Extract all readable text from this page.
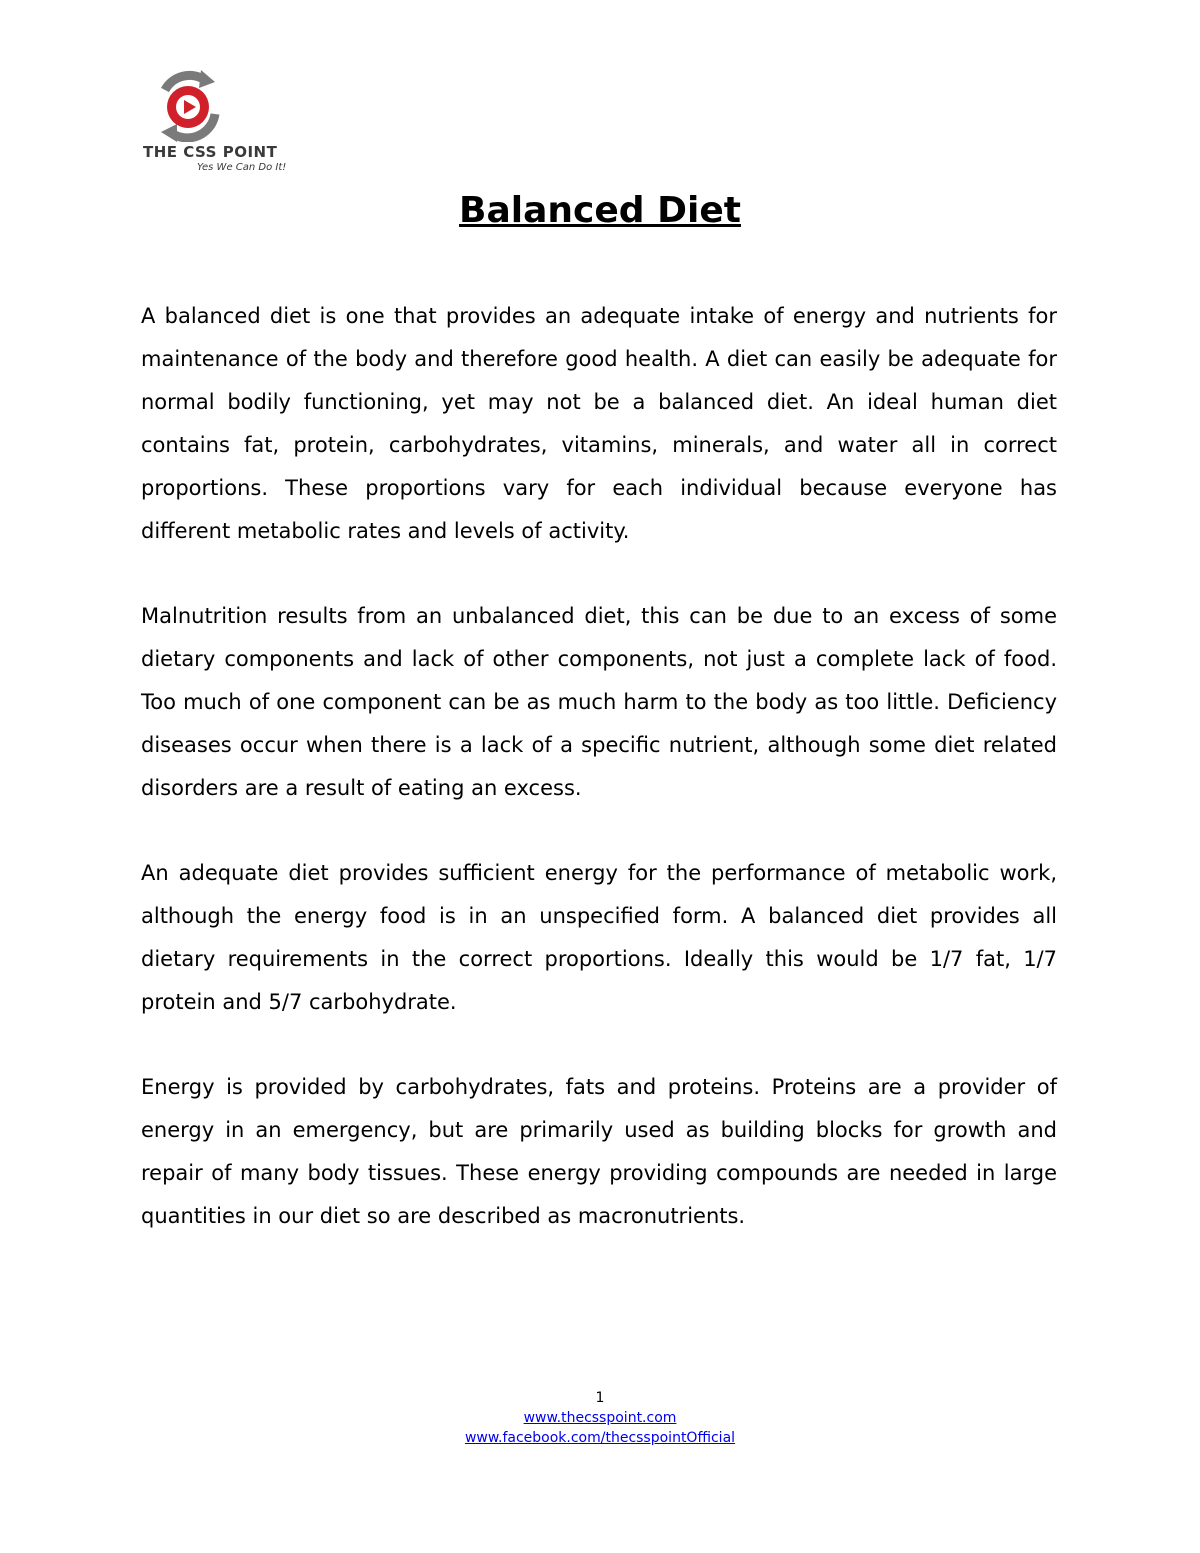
THE CSS POINT
Yes We Can Do It!
Balanced Diet

A balanced diet is one that provides an adequate intake of energy and nutrients for maintenance of the body and therefore good health. A diet can easily be adequate for normal bodily functioning, yet may not be a balanced diet. An ideal human diet contains fat, protein, carbohydrates, vitamins, minerals, and water all in correct proportions. These proportions vary for each individual because everyone has different metabolic rates and levels of activity.

Malnutrition results from an unbalanced diet, this can be due to an excess of some dietary components and lack of other components, not just a complete lack of food. Too much of one component can be as much harm to the body as too little. Deficiency diseases occur when there is a lack of a specific nutrient, although some diet related disorders are a result of eating an excess.

An adequate diet provides sufficient energy for the performance of metabolic work, although the energy food is in an unspecified form. A balanced diet provides all dietary requirements in the correct proportions. Ideally this would be 1/7 fat, 1/7 protein and 5/7 carbohydrate.

Energy is provided by carbohydrates, fats and proteins. Proteins are a provider of energy in an emergency, but are primarily used as building blocks for growth and repair of many body tissues. These energy providing compounds are needed in large quantities in our diet so are described as macronutrients.

1
www.thecsspoint.com
www.facebook.com/thecsspointOfficial
